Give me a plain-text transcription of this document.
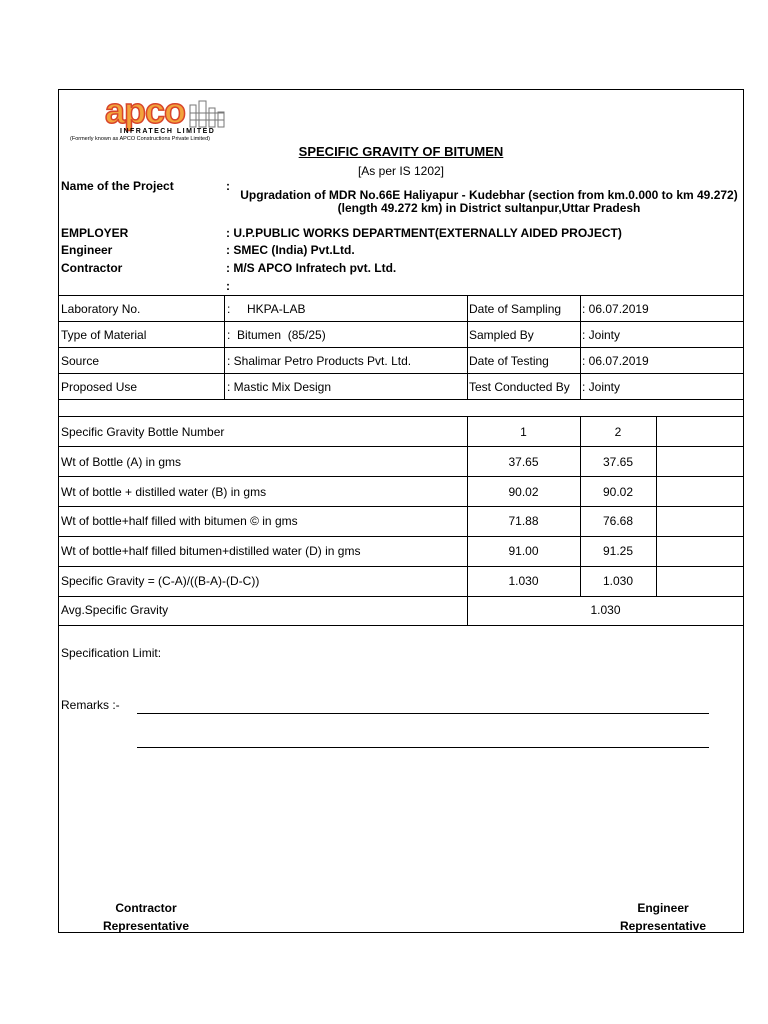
apco
INFRATECH LIMITED
(Formerly known as APCO Constructions Private Limited)
SPECIFIC GRAVITY OF BITUMEN
[As per IS 1202]
Name of the Project	:
Upgradation of MDR No.66E Haliyapur - Kudebhar (section from km.0.000 to km 49.272)
(length 49.272 km) in District sultanpur,Uttar Pradesh
EMPLOYER	: U.P.PUBLIC WORKS DEPARTMENT(EXTERNALLY AIDED PROJECT)
Engineer	: SMEC (India) Pvt.Ltd.
Contractor	: M/S APCO Infratech pvt. Ltd.
:
Laboratory No.	:     HKPA-LAB	Date of Sampling : 06.07.2019
Type of Material	:  Bitumen  (85/25)	Sampled By	: Jointy
Source	: Shalimar Petro Products Pvt. Ltd.	Date of Testing	: 06.07.2019
Proposed Use	: Mastic Mix Design	Test Conducted By : Jointy
Specific Gravity Bottle Number	1	2
Wt of Bottle (A) in gms	37.65	37.65
Wt of bottle + distilled water (B) in gms	90.02	90.02
Wt of bottle+half filled with bitumen © in gms	71.88	76.68
Wt of bottle+half filled bitumen+distilled water (D) in gms	91.00	91.25
Specific Gravity = (C-A)/((B-A)-(D-C))	1.030	1.030
Avg.Specific Gravity	1.030
Specification Limit:
Remarks :-
Contractor
Representative
Engineer
Representative
